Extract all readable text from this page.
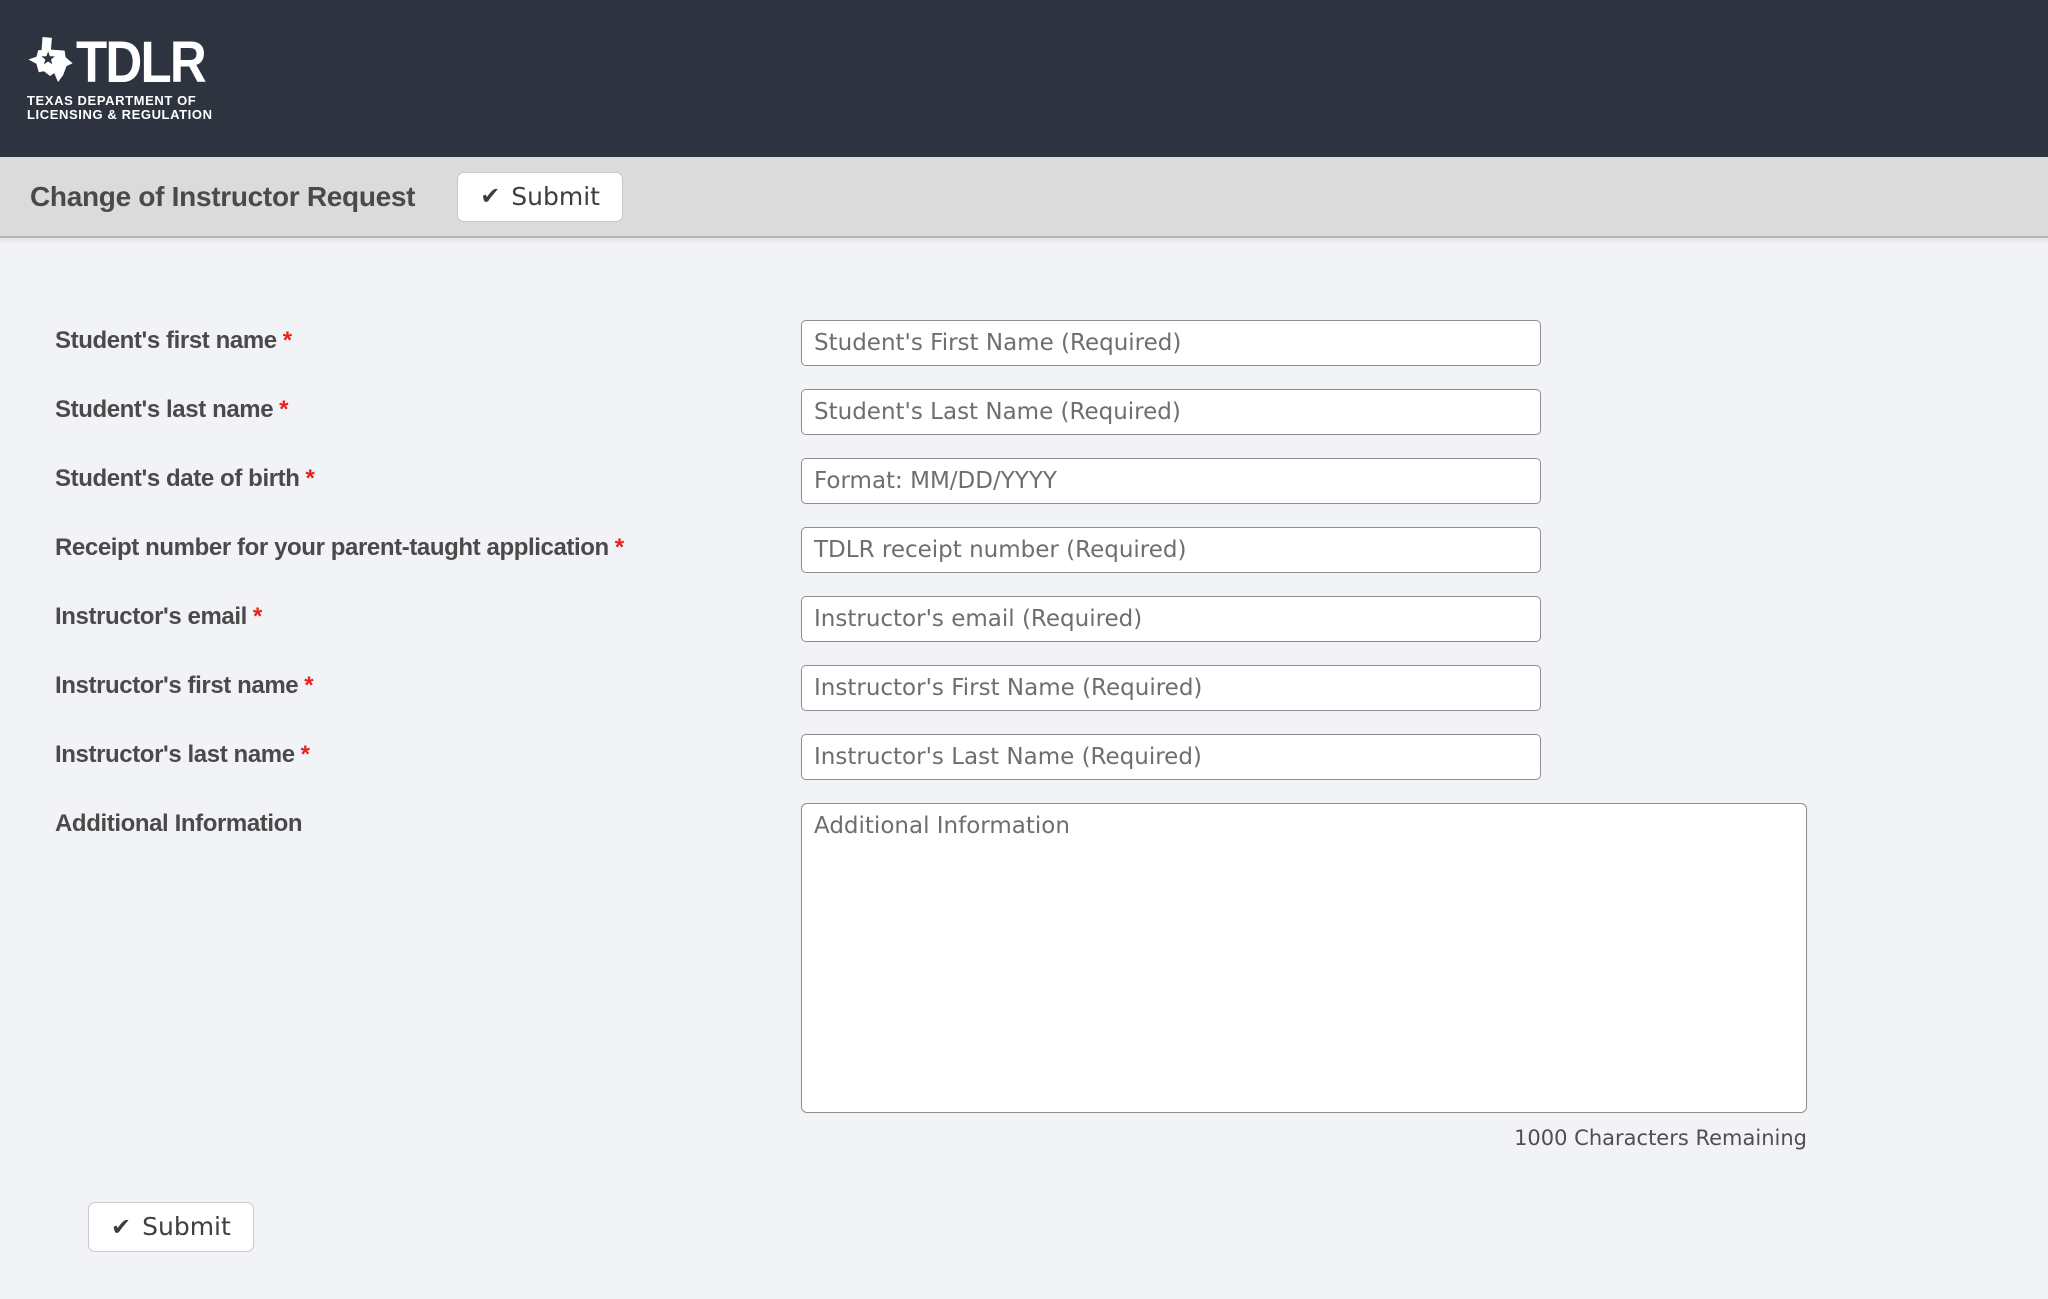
TDLR
TEXAS DEPARTMENT OF
LICENSING & REGULATION
Change of Instructor Request	✔ Submit
Student's first name *
Student's First Name (Required)
Student's last name *
Student's Last Name (Required)
Student's date of birth *
Format: MM/DD/YYYY
Receipt number for your parent-taught application *
TDLR receipt number (Required)
Instructor's email *
Instructor's email (Required)
Instructor's first name *
Instructor's First Name (Required)
Instructor's last name *
Instructor's Last Name (Required)
Additional Information
Additional Information
1000 Characters Remaining
✔ Submit
